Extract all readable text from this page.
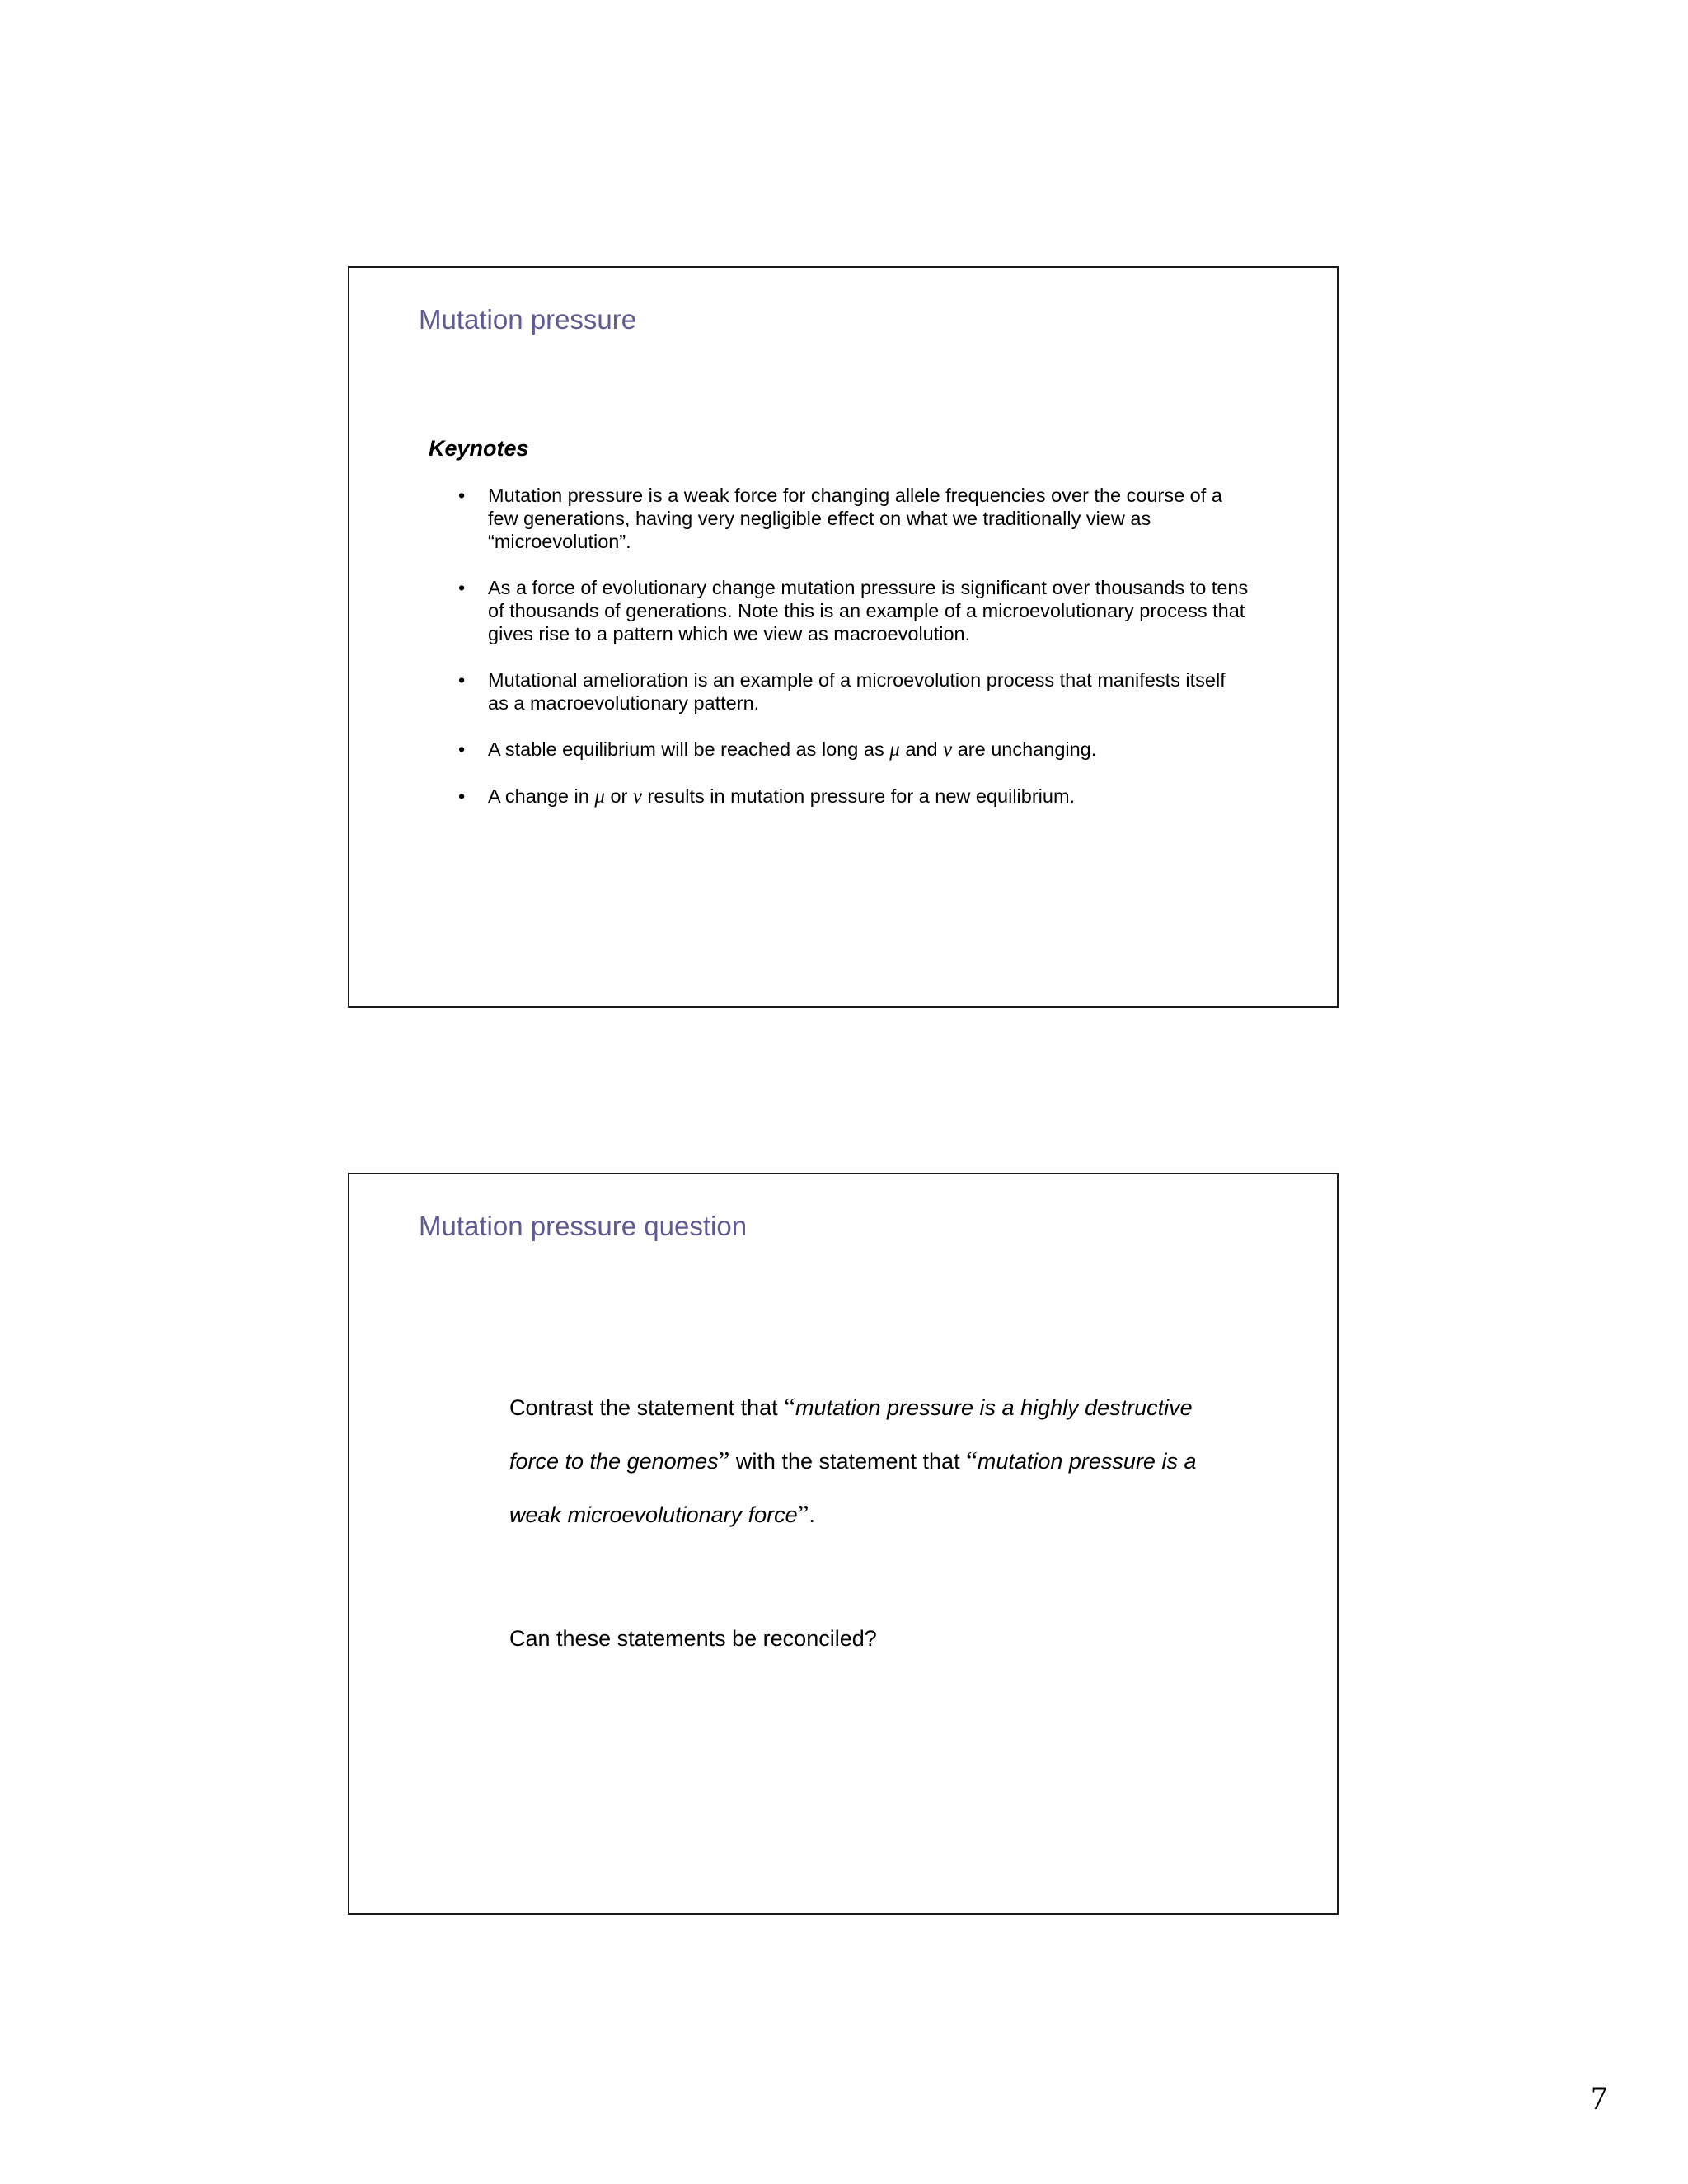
Mutation pressure
Keynotes
• Mutation pressure is a weak force for changing allele frequencies over the course of a few generations, having very negligible effect on what we traditionally view as “microevolution”.
• As a force of evolutionary change mutation pressure is significant over thousands to tens of thousands of generations. Note this is an example of a microevolutionary process that gives rise to a pattern which we view as macroevolution.
• Mutational amelioration is an example of a microevolution process that manifests itself as a macroevolutionary pattern.
• A stable equilibrium will be reached as long as μ and v are unchanging.
• A change in μ or v results in mutation pressure for a new equilibrium.
Mutation pressure question

Contrast the statement that “mutation pressure is a highly destructive force to the genomes” with the statement that “mutation pressure is a weak microevolutionary force”.

Can these statements be reconciled?

7
